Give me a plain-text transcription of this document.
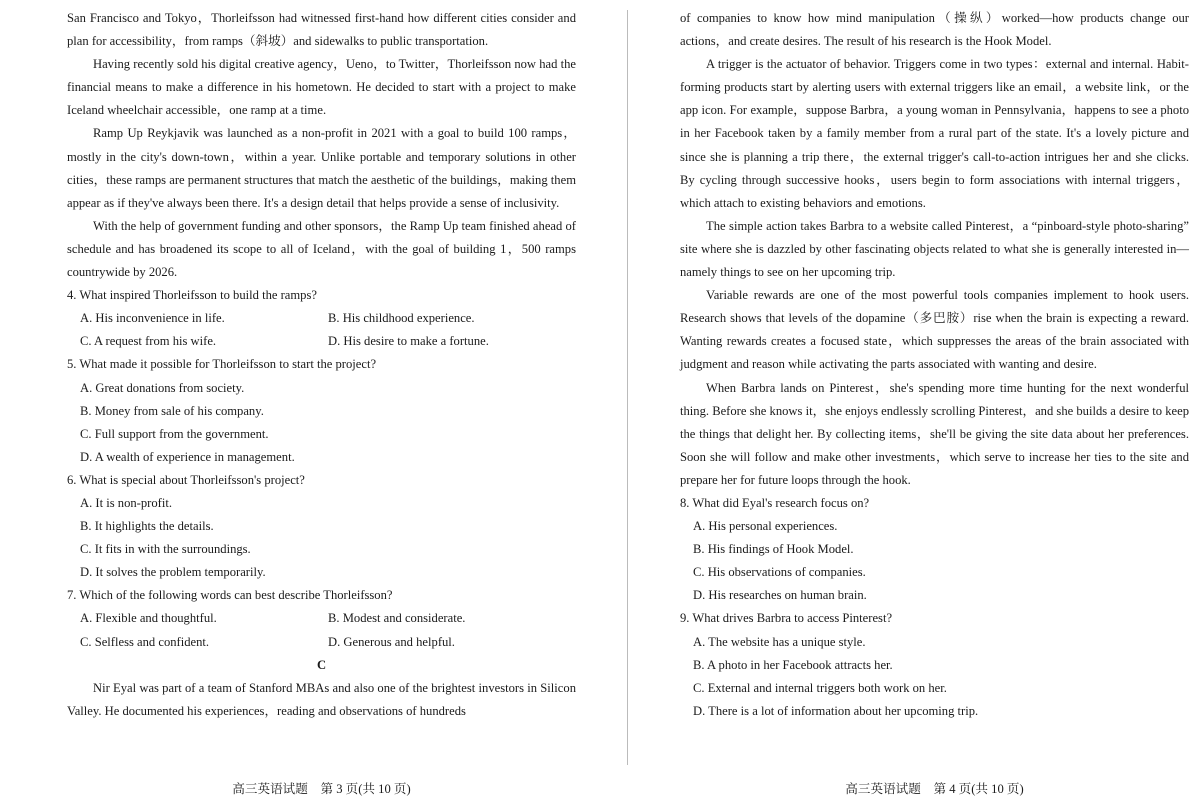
San Francisco and Tokyo，Thorleifsson had witnessed first-hand how different cities consider and plan for accessibility，from ramps（斜坡）and sidewalks to public transportation.

Having recently sold his digital creative agency，Ueno，to Twitter，Thorleifsson now had the financial means to make a difference in his hometown. He decided to start with a project to make Iceland wheelchair accessible，one ramp at a time.

Ramp Up Reykjavik was launched as a non-profit in 2021 with a goal to build 100 ramps，mostly in the city's down-town，within a year. Unlike portable and temporary solutions in other cities，these ramps are permanent structures that match the aesthetic of the buildings，making them appear as if they've always been there. It's a design detail that helps provide a sense of inclusivity.

With the help of government funding and other sponsors，the Ramp Up team finished ahead of schedule and has broadened its scope to all of Iceland，with the goal of building 1，500 ramps countrywide by 2026.

4. What inspired Thorleifsson to build the ramps?

A. His inconvenience in life.	B. His childhood experience.
C. A request from his wife.	D. His desire to make a fortune.

5. What made it possible for Thorleifsson to start the project?

A. Great donations from society.

B. Money from sale of his company.

C. Full support from the government.

D. A wealth of experience in management.

6. What is special about Thorleifsson's project?

A. It is non-profit.

B. It highlights the details.

C. It fits in with the surroundings.

D. It solves the problem temporarily.

7. Which of the following words can best describe Thorleifsson?

A. Flexible and thoughtful.	B. Modest and considerate.
C. Selfless and confident.	D. Generous and helpful.

C

Nir Eyal was part of a team of Stanford MBAs and also one of the brightest investors in Silicon Valley. He documented his experiences，reading and observations of hundreds

of companies to know how mind manipulation（操纵）worked—how products change our actions，and create desires. The result of his research is the Hook Model.

A trigger is the actuator of behavior. Triggers come in two types：external and internal. Habit-forming products start by alerting users with external triggers like an email，a website link，or the app icon. For example，suppose Barbra，a young woman in Pennsylvania，happens to see a photo in her Facebook taken by a family member from a rural part of the state. It's a lovely picture and since she is planning a trip there，the external trigger's call-to-action intrigues her and she clicks. By cycling through successive hooks，users begin to form associations with internal triggers，which attach to existing behaviors and emotions.

The simple action takes Barbra to a website called Pinterest，a “pinboard-style photo-sharing” site where she is dazzled by other fascinating objects related to what she is generally interested in—namely things to see on her upcoming trip.

Variable rewards are one of the most powerful tools companies implement to hook users. Research shows that levels of the dopamine（多巴胺）rise when the brain is expecting a reward. Wanting rewards creates a focused state，which suppresses the areas of the brain associated with judgment and reason while activating the parts associated with wanting and desire.

When Barbra lands on Pinterest，she's spending more time hunting for the next wonderful thing. Before she knows it，she enjoys endlessly scrolling Pinterest，and she builds a desire to keep the things that delight her. By collecting items，she'll be giving the site data about her preferences. Soon she will follow and make other investments，which serve to increase her ties to the site and prepare her for future loops through the hook.

8. What did Eyal's research focus on?

A. His personal experiences.

B. His findings of Hook Model.

C. His observations of companies.

D. His researches on human brain.

9. What drives Barbra to access Pinterest?

A. The website has a unique style.

B. A photo in her Facebook attracts her.

C. External and internal triggers both work on her.

D. There is a lot of information about her upcoming trip.

高三英语试题　第 3 页(共 10 页)	高三英语试题　第 4 页(共 10 页)
